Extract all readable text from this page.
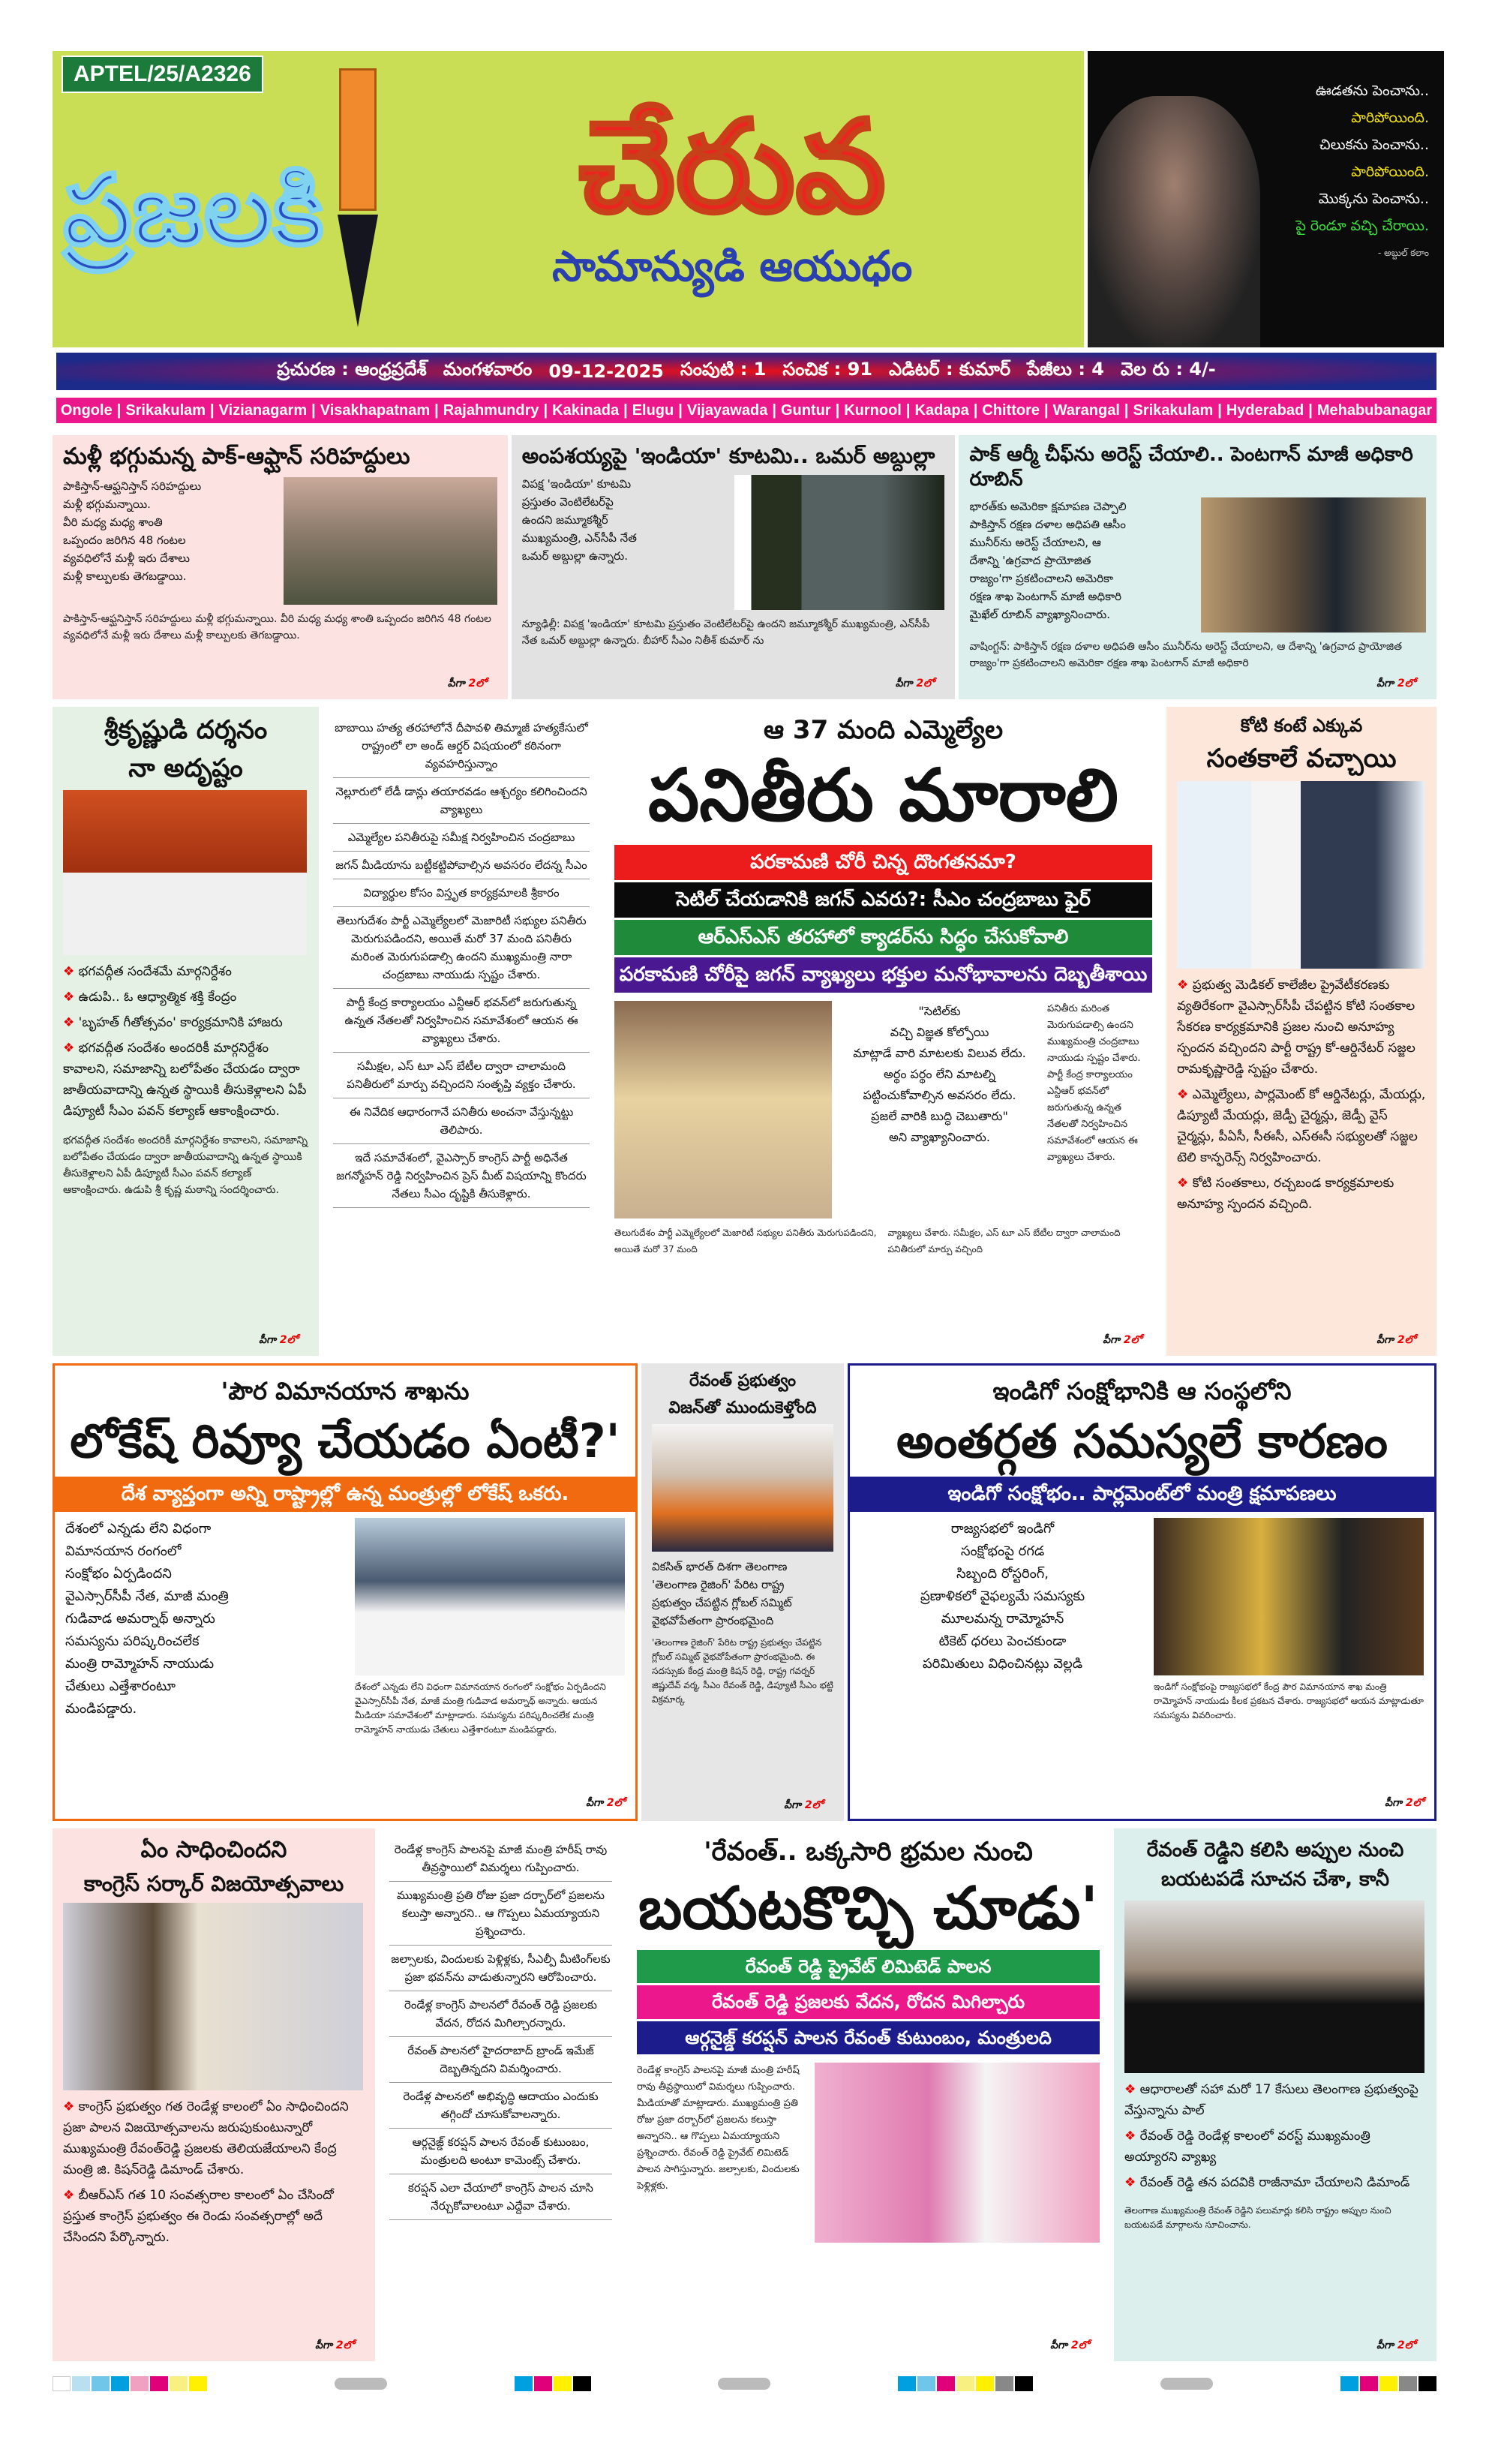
APTEL/25/A2326
ప్రజలకి చేరువ
సామాన్యుడి ఆయుధం
ఊడతను పెంచాను..
పారిపోయింది.
చిలుకను పెంచాను..
పారిపోయింది.
మొక్కను పెంచాను..
పై రెండూ వచ్చి చేరాయి.
- అబ్దుల్ కలాం
ప్రచురణ : ఆంధ్రప్రదేశ్ మంగళవారం 09-12-2025 సంపుటి : 1 సంచిక : 91 ఎడిటర్ : కుమార్ పేజీలు : 4 వెల రు : 4/-
Ongole | Srikakulam | Vizianagarm | Visakhapatnam | Rajahmundry | Kakinada | Elugu | Vijayawada | Guntur | Kurnool | Kadapa | Chittore | Warangal | Srikakulam | Hyderabad | Mehabubanagar
మళ్లీ భగ్గుమన్న పాక్-ఆఫ్ఘాన్ సరిహద్దులు

పాకిస్తాన్-ఆఫ్ఘనిస్తాన్ సరిహద్దులు

మళ్లీ భగ్గుమన్నాయి.

వీరి మధ్య మధ్య శాంతి

ఒప్పందం జరిగిన 48 గంటల

వ్యవధిలోనే మళ్లీ ఇరు దేశాలు

మళ్లీ కాల్పులకు తెగబడ్డాయి.

పాకిస్తాన్-ఆఫ్ఘనిస్తాన్ సరిహద్దులు మళ్లీ భగ్గుమన్నాయి. వీరి మధ్య మధ్య శాంతి ఒప్పందం జరిగిన 48 గంటల వ్యవధిలోనే మళ్లీ ఇరు దేశాలు మళ్లీ కాల్పులకు తెగబడ్డాయి.
పీగా 2లో
అంపశయ్యపై 'ఇండియా' కూటమి.. ఒమర్ అబ్దుల్లా

విపక్ష 'ఇండియా' కూటమి

ప్రస్తుతం వెంటిలేటర్‌పై

ఉందని జమ్మూకశ్మీర్

ముఖ్యమంత్రి, ఎన్‌సీపీ నేత

ఒమర్ అబ్దుల్లా ఉన్నారు.

న్యూఢిల్లీ: విపక్ష 'ఇండియా' కూటమి ప్రస్తుతం వెంటిలేటర్‌పై ఉందని జమ్మూకశ్మీర్ ముఖ్యమంత్రి, ఎన్‌సీపీ నేత ఒమర్ అబ్దుల్లా ఉన్నారు. బీహార్ సీఎం నితీశ్ కుమార్ ను
పీగా 2లో
పాక్ ఆర్మీ చీఫ్‌ను అరెస్ట్ చేయాలి.. పెంటగాన్ మాజీ అధికారి రూబిన్

భారత్‌కు అమెరికా క్షమాపణ చెప్పాలి

పాకిస్తాన్ రక్షణ దళాల అధిపతి ఆసీం

మునీర్‌ను అరెస్ట్ చేయాలని, ఆ

దేశాన్ని 'ఉగ్రవాద ప్రాయోజిత

రాజ్యం'గా ప్రకటించాలని అమెరికా

రక్షణ శాఖ పెంటగాన్ మాజీ అధికారి

మైఖేల్ రూబిన్ వ్యాఖ్యానించారు.

వాషింగ్టన్: పాకిస్తాన్ రక్షణ దళాల అధిపతి ఆసీం మునీర్‌ను అరెస్ట్ చేయాలని, ఆ దేశాన్ని 'ఉగ్రవాద ప్రాయోజిత రాజ్యం'గా ప్రకటించాలని అమెరికా రక్షణ శాఖ పెంటగాన్ మాజీ అధికారి
పీగా 2లో
శ్రీకృష్ణుడి దర్శనం
నా అదృష్టం
❖ భగవద్గీత సందేశమే మార్గనిర్దేశం
❖ ఉడుపి.. ఓ ఆధ్యాత్మిక శక్తి కేంద్రం
❖ 'బృహత్ గీతోత్సవం' కార్యక్రమానికి హాజరు
❖ భగవద్గీత సందేశం అందరికీ మార్గనిర్దేశం కావాలని, సమాజాన్ని బలోపేతం చేయడం ద్వారా జాతీయవాదాన్ని ఉన్నత స్థాయికి తీసుకెళ్లాలని ఏపీ డిప్యూటీ సీఎం పవన్ కల్యాణ్ ఆకాంక్షించారు.
భగవద్గీత సందేశం అందరికీ మార్గనిర్దేశం కావాలని, సమాజాన్ని బలోపేతం చేయడం ద్వారా జాతీయవాదాన్ని ఉన్నత స్థాయికి తీసుకెళ్లాలని ఏపీ డిప్యూటీ సీఎం పవన్ కల్యాణ్ ఆకాంక్షించారు. ఉడుపి శ్రీ కృష్ణ మఠాన్ని సందర్శించారు.
పీగా 2లో

బాబాయి హత్య తరహాలోనే దీపావళి తిమ్మాజీ హత్యకేసులో రాష్ట్రంలో లా అండ్ ఆర్డర్ విషయంలో కఠినంగా వ్యవహరిస్తున్నాం

నెల్లూరులో లేడీ డాన్లు తయారవడం ఆశ్చర్యం కలిగించిందని వ్యాఖ్యలు

ఎమ్మెల్యేల పనితీరుపై సమీక్ష నిర్వహించిన చంద్రబాబు

జగన్ మీడియాను బట్టీకట్టిపోవాల్సిన అవసరం లేదన్న సీఎం

విద్యార్థుల కోసం విస్తృత కార్యక్రమాలకి శ్రీకారం

తెలుగుదేశం పార్టీ ఎమ్మెల్యేలలో మెజారిటీ సభ్యుల పనితీరు మెరుగుపడిందని, అయితే మరో 37 మంది పనితీరు మరింత మెరుగుపడాల్సి ఉందని ముఖ్యమంత్రి నారా చంద్రబాబు నాయుడు స్పష్టం చేశారు.

పార్టీ కేంద్ర కార్యాలయం ఎన్టీఆర్ భవన్‌లో జరుగుతున్న ఉన్నత నేతలతో నిర్వహించిన సమావేశంలో ఆయన ఈ వ్యాఖ్యలు చేశారు.

సమీక్షల, ఎస్ టూ ఎస్ బేటీల ద్వారా చాలామంది పనితీరులో మార్పు వచ్చిందని సంతృప్తి వ్యక్తం చేశారు.

ఈ నివేదిక ఆధారంగానే పనితీరు అంచనా వేస్తున్నట్టు తెలిపారు.

ఇదే సమావేశంలో, వైఎస్సార్ కాంగ్రెస్ పార్టీ అధినేత జగన్మోహన్ రెడ్డి నిర్వహించిన ప్రెస్ మీట్ విషయాన్ని కొందరు నేతలు సీఎం దృష్టికి తీసుకెళ్లారు.

ఆ 37 మంది ఎమ్మెల్యేల
పనితీరు మారాలి
పరకామణి చోరీ చిన్న దొంగతనమా?
సెటిల్ చేయడానికి జగన్ ఎవరు?: సీఎం చంద్రబాబు ఫైర్
ఆర్‌ఎస్‌ఎస్ తరహాలో క్యాడర్‌ను సిద్ధం చేసుకోవాలి
పరకామణి చోరీపై జగన్ వ్యాఖ్యలు భక్తుల మనోభావాలను దెబ్బతీశాయి

"సెటిల్‌కు

వచ్చి విజ్ఞత కోల్పోయి

మాట్లాడే వారి మాటలకు విలువ లేదు.

అర్థం పర్థం లేని మాటల్ని

పట్టించుకోవాల్సిన అవసరం లేదు.

ప్రజలే వారికి బుద్ధి చెబుతారు"

అని వ్యాఖ్యానించారు.

పనితీరు మరింత మెరుగుపడాల్సి ఉందని ముఖ్యమంత్రి చంద్రబాబు నాయుడు స్పష్టం చేశారు. పార్టీ కేంద్ర కార్యాలయం ఎన్టీఆర్ భవన్‌లో జరుగుతున్న ఉన్నత నేతలతో నిర్వహించిన సమావేశంలో ఆయన ఈ వ్యాఖ్యలు చేశారు.

తెలుగుదేశం పార్టీ ఎమ్మెల్యేలలో మెజారిటీ సభ్యుల పనితీరు మెరుగుపడిందని, అయితే మరో 37 మంది
వ్యాఖ్యలు చేశారు. సమీక్షల, ఎస్ టూ ఎస్ బేటీల ద్వారా చాలామంది పనితీరులో మార్పు వచ్చింది
పీగా 2లో
కోటి కంటే ఎక్కువ
సంతకాలే వచ్చాయి
❖ ప్రభుత్వ మెడికల్ కాలేజీల ప్రైవేటీకరణకు వ్యతిరేకంగా వైఎస్సార్‌సీపీ చేపట్టిన కోటి సంతకాల సేకరణ కార్యక్రమానికి ప్రజల నుంచి అనూహ్య స్పందన వచ్చిందని పార్టీ రాష్ట్ర కో-ఆర్డినేటర్ సజ్జల రామకృష్ణారెడ్డి స్పష్టం చేశారు.
❖ ఎమ్మెల్యేలు, పార్లమెంట్ కో ఆర్డినేటర్లు, మేయర్లు, డిప్యూటీ మేయర్లు, జెడ్పీ చైర్మన్లు, జెడ్పీ వైస్ చైర్మన్లు, పీఏసీ, సీఈసీ, ఎస్ఈసీ సభ్యులతో సజ్జల టెలి కాన్ఫరెన్స్ నిర్వహించారు.
❖ కోటి సంతకాలు, రచ్చబండ కార్యక్రమాలకు అనూహ్య స్పందన వచ్చింది.
పీగా 2లో
'పౌర విమానయాన శాఖను
లోకేష్ రివ్యూ చేయడం ఏంటీ?'
దేశ వ్యాప్తంగా అన్ని రాష్ట్రాల్లో ఉన్న మంత్రుల్లో లోకేష్ ఒకరు.

దేశంలో ఎన్నడు లేని విధంగా

విమానయాన రంగంలో

సంక్షోభం ఏర్పడిందని

వైఎస్సార్‌సీపీ నేత, మాజీ మంత్రి

గుడివాడ అమర్నాథ్ అన్నారు

సమస్యను పరిష్కరించలేక

మంత్రి రామ్మోహన్ నాయుడు

చేతులు ఎత్తేశారంటూ

మండిపడ్డారు.

దేశంలో ఎన్నడు లేని విధంగా విమానయాన రంగంలో సంక్షోభం ఏర్పడిందని వైఎస్సార్‌సీపీ నేత, మాజీ మంత్రి గుడివాడ అమర్నాథ్ అన్నారు. ఆయన మీడియా సమావేశంలో మాట్లాడారు. సమస్యను పరిష్కరించలేక మంత్రి రామ్మోహన్ నాయుడు చేతులు ఎత్తేశారంటూ మండిపడ్డారు.
పీగా 2లో
రేవంత్ ప్రభుత్వం
విజన్‌తో ముందుకెళ్తోంది

వికసిత్ భారత్ దిశగా తెలంగాణ

'తెలంగాణ రైజింగ్' పేరిట రాష్ట్ర

ప్రభుత్వం చేపట్టిన గ్లోబల్ సమ్మిట్

వైభవోపేతంగా ప్రారంభమైంది

'తెలంగాణ రైజింగ్' పేరిట రాష్ట్ర ప్రభుత్వం చేపట్టిన గ్లోబల్ సమ్మిట్ వైభవోపేతంగా ప్రారంభమైంది. ఈ సదస్సుకు కేంద్ర మంత్రి కిషన్ రెడ్డి, రాష్ట్ర గవర్నర్ జిష్ణుదేవ్ వర్మ, సీఎం రేవంత్ రెడ్డి, డిప్యూటీ సీఎం భట్టి విక్రమార్క
పీగా 2లో
ఇండిగో సంక్షోభానికి ఆ సంస్థలోని
అంతర్గత సమస్యలే కారణం
ఇండిగో సంక్షోభం.. పార్లమెంట్‌లో మంత్రి క్షమాపణలు

రాజ్యసభలో ఇండిగో

సంక్షోభంపై రగడ

సిబ్బంది రోస్టరింగ్,

ప్రణాళికలో వైఫల్యమే సమస్యకు

మూలమన్న రామ్మోహన్

టికెట్ ధరలు పెంచకుండా

పరిమితులు విధించినట్లు వెల్లడి

ఇండిగో సంక్షోభంపై రాజ్యసభలో కేంద్ర పౌర విమానయాన శాఖ మంత్రి రామ్మోహన్ నాయుడు కీలక ప్రకటన చేశారు. రాజ్యసభలో ఆయన మాట్లాడుతూ సమస్యను వివరించారు.
పీగా 2లో
ఏం సాధించిందని
కాంగ్రెస్ సర్కార్ విజయోత్సవాలు
❖ కాంగ్రెస్ ప్రభుత్వం గత రెండేళ్ల కాలంలో ఏం సాధించిందని ప్రజా పాలన విజయోత్సవాలను జరుపుకుంటున్నారో ముఖ్యమంత్రి రేవంత్‌రెడ్డి ప్రజలకు తెలియజేయాలని కేంద్ర మంత్రి జి. కిషన్‌రెడ్డి డిమాండ్ చేశారు.
❖ బీఆర్ఎస్ గత 10 సంవత్సరాల కాలంలో ఏం చేసిందో ప్రస్తుత కాంగ్రెస్ ప్రభుత్వం ఈ రెండు సంవత్సరాల్లో అదే చేసిందని పేర్కొన్నారు.
పీగా 2లో

రెండేళ్ల కాంగ్రెస్ పాలనపై మాజీ మంత్రి హరీష్ రావు తీవ్రస్థాయిలో విమర్శలు గుప్పించారు.

ముఖ్యమంత్రి ప్రతి రోజు ప్రజా దర్బార్‌లో ప్రజలను కలుస్తా అన్నారని.. ఆ గొప్పలు ఏమయ్యాయని ప్రశ్నించారు.

జల్సాలకు, విందులకు పెళ్లిళ్లకు, సీఎల్పీ మీటింగ్‌లకు ప్రజా భవన్‌ను వాడుతున్నారని ఆరోపించారు.

రెండేళ్ల కాంగ్రెస్ పాలనలో రేవంత్ రెడ్డి ప్రజలకు వేదన, రోదన మిగిల్చారన్నారు.

రేవంత్ పాలనలో హైదరాబాద్ బ్రాండ్ ఇమేజ్ దెబ్బతిన్నదని విమర్శించారు.

రెండేళ్ల పాలనలో అభివృద్ధి ఆదాయం ఎందుకు తగ్గిందో చూసుకోవాలన్నారు.

ఆర్గనైజ్డ్ కరప్షన్ పాలన రేవంత్ కుటుంబం, మంత్రులది అంటూ కామెంట్స్ చేశారు.

కరప్షన్ ఎలా చేయాలో కాంగ్రెస్ పాలన చూసి నేర్చుకోవాలంటూ ఎద్దేవా చేశారు.

'రేవంత్.. ఒక్కసారి భ్రమల నుంచి
బయటకొచ్చి చూడు'
రేవంత్ రెడ్డి ప్రైవేట్ లిమిటెడ్ పాలన
రేవంత్ రెడ్డి ప్రజలకు వేదన, రోదన మిగిల్చారు
ఆర్గనైజ్డ్ కరప్షన్ పాలన రేవంత్ కుటుంబం, మంత్రులది
రెండేళ్ల కాంగ్రెస్ పాలనపై మాజీ మంత్రి హరీష్ రావు తీవ్రస్థాయిలో విమర్శలు గుప్పించారు. మీడియాతో మాట్లాడారు. ముఖ్యమంత్రి ప్రతి రోజు ప్రజా దర్బార్‌లో ప్రజలను కలుస్తా అన్నారని.. ఆ గొప్పలు ఏమయ్యాయని ప్రశ్నించారు. రేవంత్ రెడ్డి ప్రైవేట్ లిమిటెడ్ పాలన సాగిస్తున్నారు. జల్సాలకు, విందులకు పెళ్లిళ్లకు.
పీగా 2లో
రేవంత్ రెడ్డిని కలిసి అప్పుల నుంచి బయటపడే సూచన చేశా, కానీ
❖ ఆధారాలతో సహా మరో 17 కేసులు తెలంగాణ ప్రభుత్వంపై వేస్తున్నాను పాల్
❖ రేవంత్ రెడ్డి రెండేళ్ల కాలంలో వరస్ట్ ముఖ్యమంత్రి అయ్యారని వ్యాఖ్య
❖ రేవంత్ రెడ్డి తన పదవికి రాజీనామా చేయాలని డిమాండ్
తెలంగాణ ముఖ్యమంత్రి రేవంత్ రెడ్డిని పలుమార్లు కలిసి రాష్ట్రం అప్పుల నుంచి బయటపడే మార్గాలను సూచించాను.
పీగా 2లో
